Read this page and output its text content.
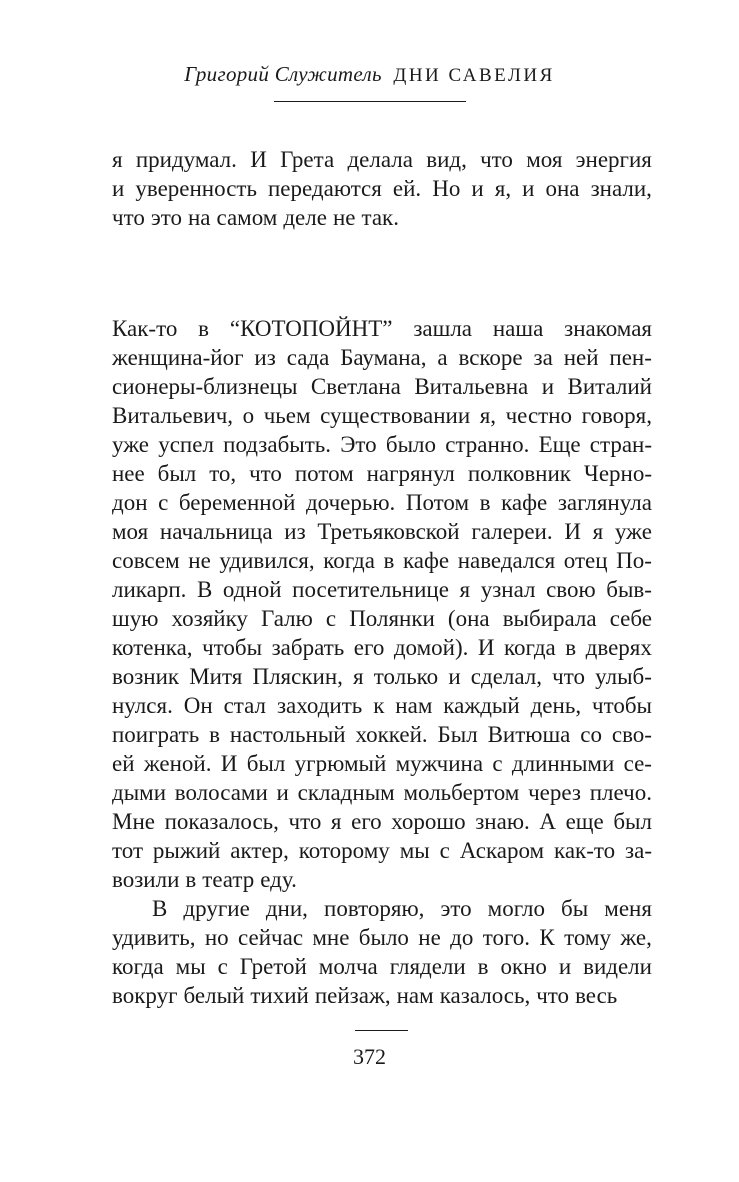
Григорий Служитель ДНИ САВЕЛИЯ
я придумал. И Грета делала вид, что моя энергия
и уверенность передаются ей. Но и я, и она знали,
что это на самом деле не так.
Как-то в “КОТОПОЙНТ” зашла наша знакомая
женщина-йог из сада Баумана, а вскоре за ней пен-
сионеры-близнецы Светлана Витальевна и Виталий
Витальевич, о чьем существовании я, честно говоря,
уже успел подзабыть. Это было странно. Еще стран-
нее был то, что потом нагрянул полковник Черно-
дон с беременной дочерью. Потом в кафе заглянула
моя начальница из Третьяковской галереи. И я уже
совсем не удивился, когда в кафе наведался отец По-
ликарп. В одной посетительнице я узнал свою быв-
шую хозяйку Галю с Полянки (она выбирала себе
котенка, чтобы забрать его домой). И когда в дверях
возник Митя Пляскин, я только и сделал, что улыб-
нулся. Он стал заходить к нам каждый день, чтобы
поиграть в настольный хоккей. Был Витюша со сво-
ей женой. И был угрюмый мужчина с длинными се-
дыми волосами и складным мольбертом через плечо.
Мне показалось, что я его хорошо знаю. А еще был
тот рыжий актер, которому мы с Аскаром как-то за-
возили в театр еду.
В другие дни, повторяю, это могло бы меня
удивить, но сейчас мне было не до того. К тому же,
когда мы с Гретой молча глядели в окно и видели
вокруг белый тихий пейзаж, нам казалось, что весь
372
